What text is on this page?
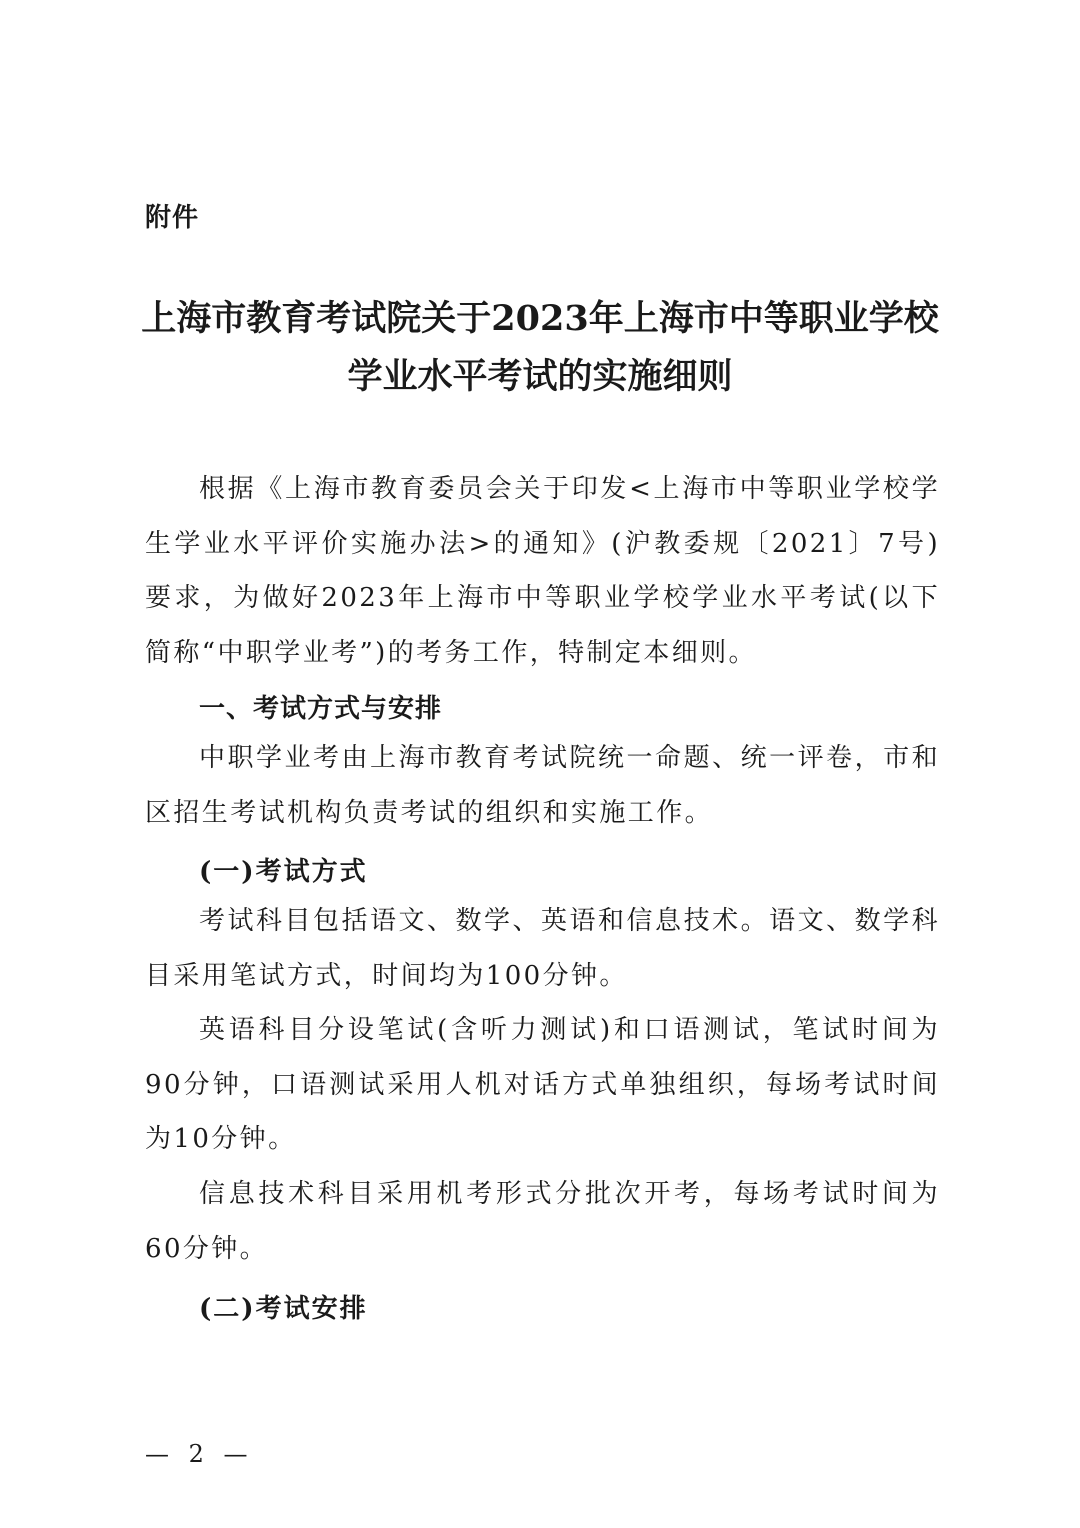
附件
上海市教育考试院关于2023年上海市中等职业学校
学业水平考试的实施细则
根据《上海市教育委员会关于印发<上海市中等职业学校学生学业水平评价实施办法>的通知》(沪教委规〔2021〕7号)要求，为做好2023年上海市中等职业学校学业水平考试(以下简称“中职学业考”)的考务工作，特制定本细则。
一、考试方式与安排
中职学业考由上海市教育考试院统一命题、统一评卷，市和区招生考试机构负责考试的组织和实施工作。
(一)考试方式
考试科目包括语文、数学、英语和信息技术。语文、数学科目采用笔试方式，时间均为100分钟。
英语科目分设笔试(含听力测试)和口语测试，笔试时间为90分钟，口语测试采用人机对话方式单独组织，每场考试时间为10分钟。
信息技术科目采用机考形式分批次开考，每场考试时间为60分钟。
(二)考试安排
— 2 —
